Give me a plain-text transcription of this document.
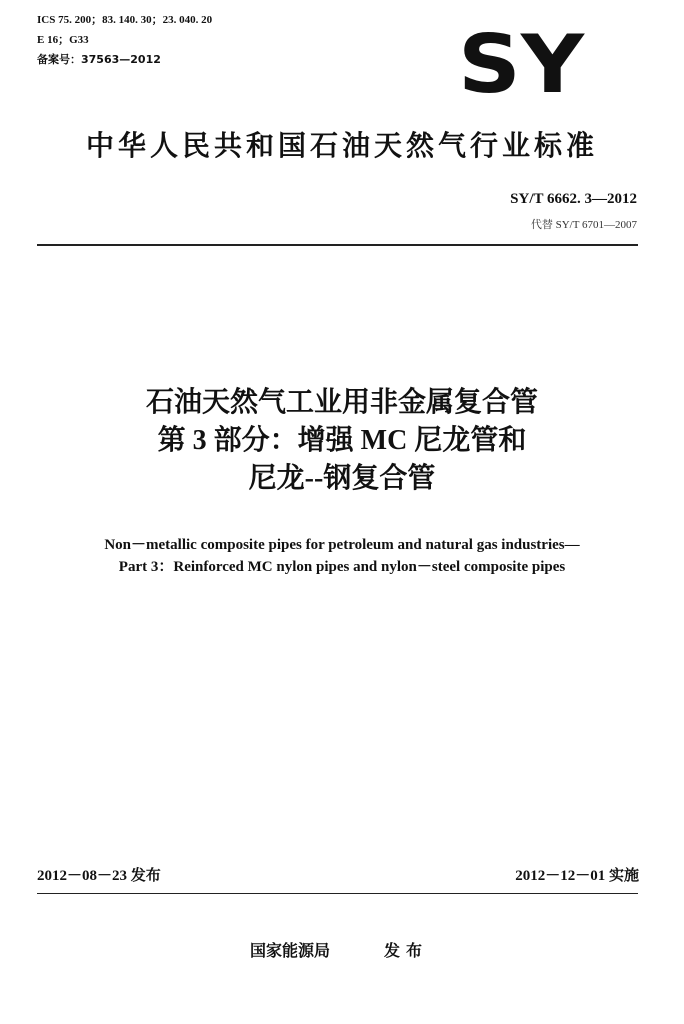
ICS 75. 200；83. 140. 30；23. 040. 20
E 16；G33
备案号：37563—2012	SY
中华人民共和国石油天然气行业标准
SY/T 6662. 3—2012
代替 SY/T 6701—2007
石油天然气工业用非金属复合管
第 3 部分：增强 MC 尼龙管和
尼龙--钢复合管
Non－metallic composite pipes for petroleum and natural gas industries—
Part 3：Reinforced MC nylon pipes and nylon－steel composite pipes
2012－08－23 发布	2012－12－01 实施
国家能源局	发布
